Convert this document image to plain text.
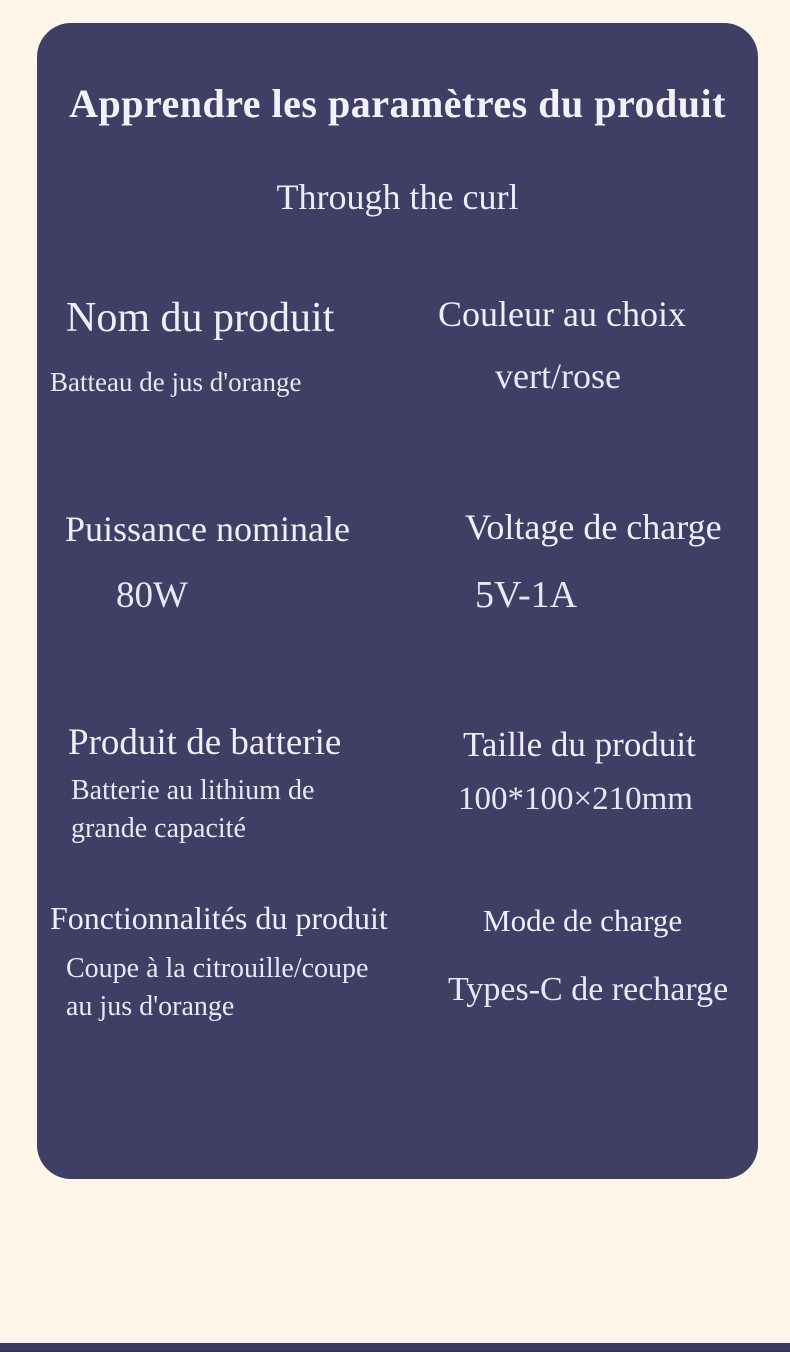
Apprendre les paramètres du produit

Through the curl

Nom du produit
Batteau de jus d'orange
Couleur au choix
vert/rose
Puissance nominale
80W
Voltage de charge
5V-1A
Produit de batterie
Batterie au lithium de
grande capacité
Taille du produit
100*100×210mm
Fonctionnalités du produit
Coupe à la citrouille/coupe
au jus d'orange
Mode de charge
Types-C de recharge
